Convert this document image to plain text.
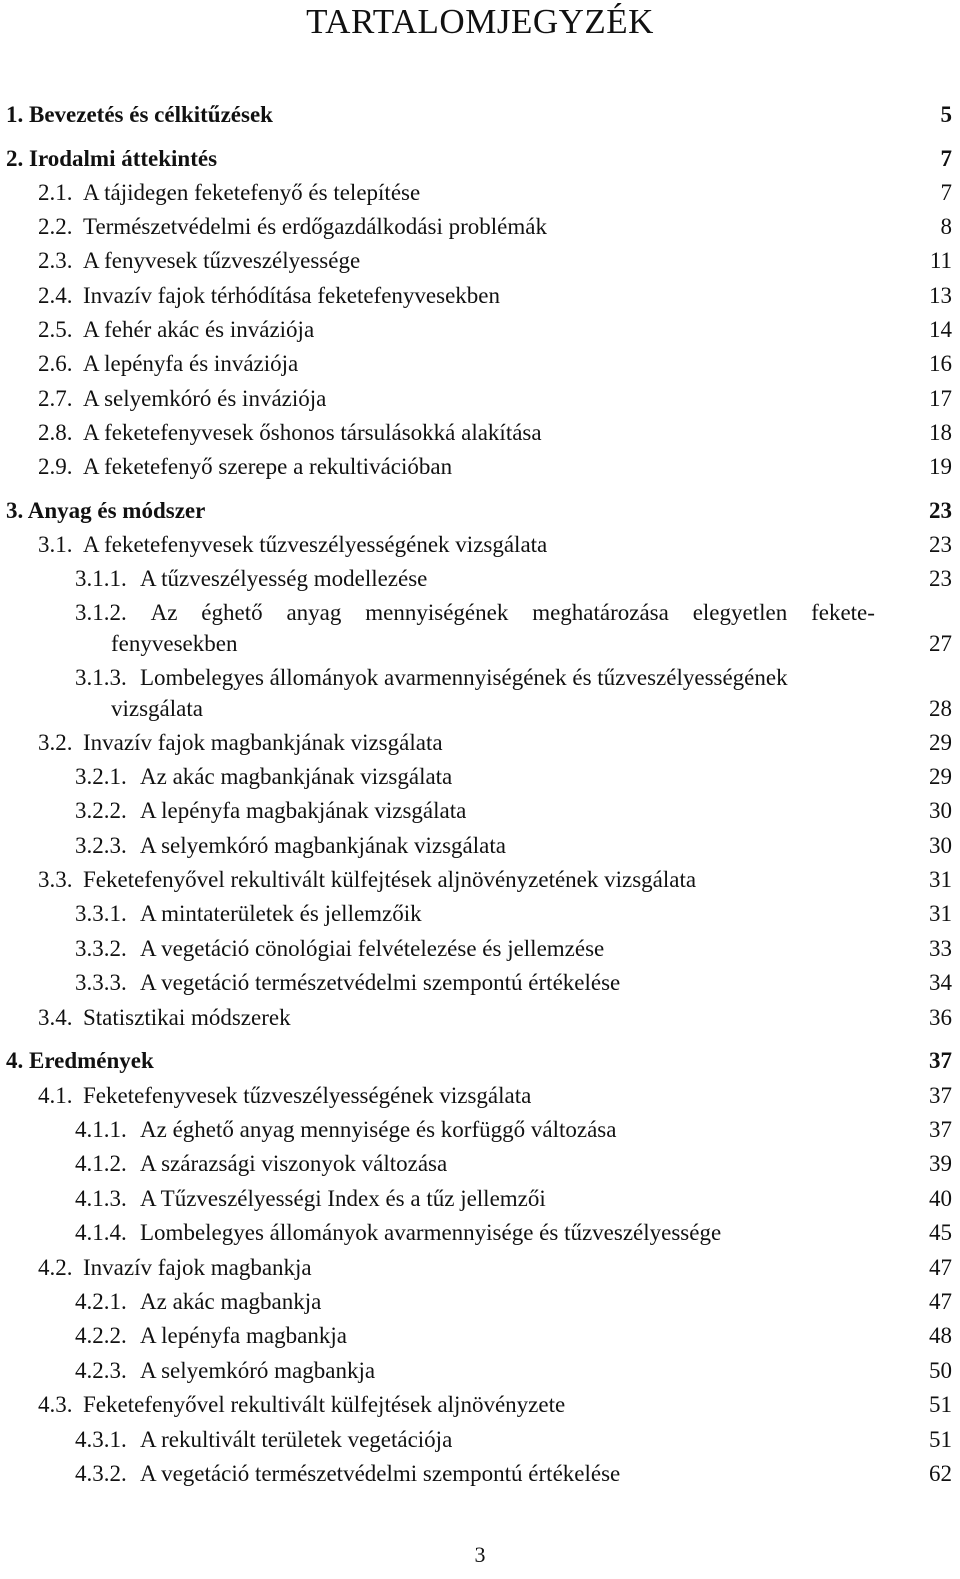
TARTALOMJEGYZÉK
1. Bevezetés és célkitűzések	5
2. Irodalmi áttekintés	7
2.1. A tájidegen feketefenyő és telepítése	7
2.2. Természetvédelmi és erdőgazdálkodási problémák	8
2.3. A fenyvesek tűzveszélyessége	11
2.4. Invazív fajok térhódítása feketefenyvesekben	13
2.5. A fehér akác és inváziója	14
2.6. A lepényfa és inváziója	16
2.7. A selyemkóró és inváziója	17
2.8. A feketefenyvesek őshonos társulásokká alakítása	18
2.9. A feketefenyő szerepe a rekultivációban	19
3. Anyag és módszer	23
3.1. A feketefenyvesek tűzveszélyességének vizsgálata	23
3.1.1. A tűzveszélyesség modellezése	23
3.1.2. Az éghető anyag mennyiségének meghatározása elegyetlen fekete-
fenyvesekben	27
3.1.3. Lombelegyes állományok avarmennyiségének és tűzveszélyességének
vizsgálata	28
3.2. Invazív fajok magbankjának vizsgálata	29
3.2.1. Az akác magbankjának vizsgálata	29
3.2.2. A lepényfa magbakjának vizsgálata	30
3.2.3. A selyemkóró magbankjának vizsgálata	30
3.3. Feketefenyővel rekultivált külfejtések aljnövényzetének vizsgálata	31
3.3.1. A mintaterületek és jellemzőik	31
3.3.2. A vegetáció cönológiai felvételezése és jellemzése	33
3.3.3. A vegetáció természetvédelmi szempontú értékelése	34
3.4. Statisztikai módszerek	36
4. Eredmények	37
4.1. Feketefenyvesek tűzveszélyességének vizsgálata	37
4.1.1. Az éghető anyag mennyisége és korfüggő változása	37
4.1.2. A szárazsági viszonyok változása	39
4.1.3. A Tűzveszélyességi Index és a tűz jellemzői	40
4.1.4. Lombelegyes állományok avarmennyisége és tűzveszélyessége	45
4.2. Invazív fajok magbankja	47
4.2.1. Az akác magbankja	47
4.2.2. A lepényfa magbankja	48
4.2.3. A selyemkóró magbankja	50
4.3. Feketefenyővel rekultivált külfejtések aljnövényzete	51
4.3.1. A rekultivált területek vegetációja	51
4.3.2. A vegetáció természetvédelmi szempontú értékelése	62
3
